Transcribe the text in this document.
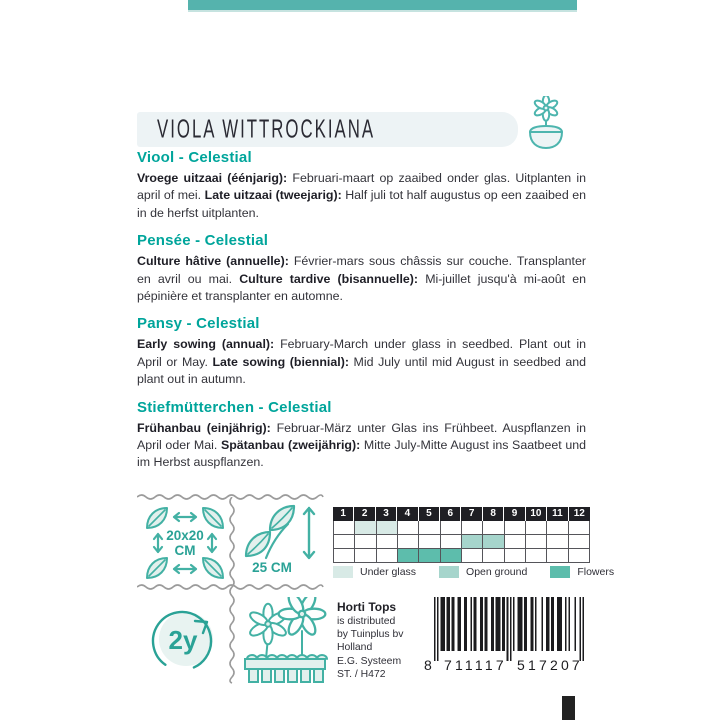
VIOLA WITTROCKIANA
Viool - Celestial

Vroege uitzaai (éénjarig): Februari-maart op zaaibed onder glas. Uitplanten in april of mei. Late uitzaai (tweejarig): Half juli tot half augustus op een zaaibed en in de herfst uitplanten.

Pensée - Celestial

Culture hâtive (annuelle): Février-mars sous châssis sur couche. Transplanter en avril ou mai. Culture tardive (bisannuelle): Mi-juillet jusqu'à mi-août en pépinière et transplanter en automne.

Pansy - Celestial

Early sowing (annual): February-March under glass in seedbed. Plant out in April or May. Late sowing (biennial): Mid July until mid August in seedbed and plant out in autumn.

Stiefmütterchen - Celestial

Frühanbau (einjährig): Februar-März unter Glas ins Frühbeet. Auspflanzen in April oder Mai. Spätanbau (zweijährig): Mitte July-Mitte August ins Saatbeet und im Herbst auspflanzen.

20x20
CM
25 CM
2y
1	2	3	4	5	6	7	8	9	10	11	12
Under glass	Open ground	Flowers
Horti Tops
is distributed
by Tuinplus bv
Holland
E.G. Systeem
ST. / H472
8 711117 517207
